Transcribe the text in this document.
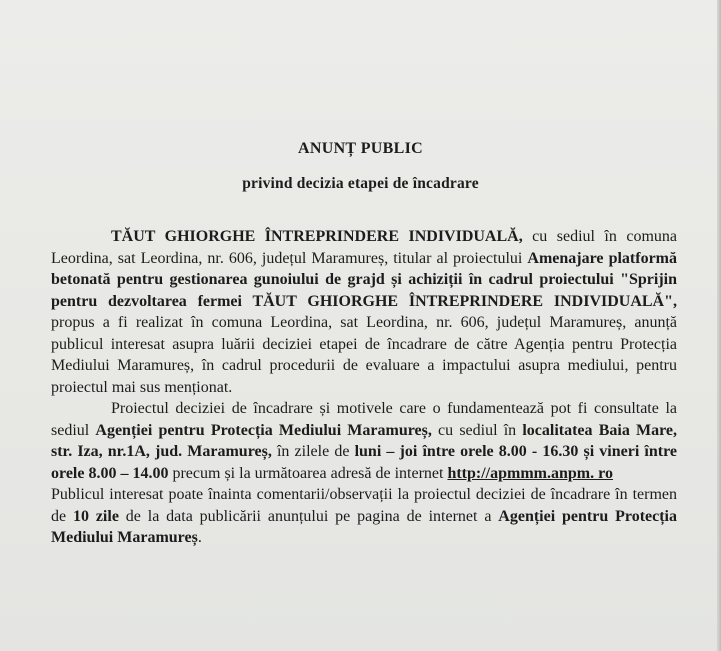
ANUNȚ PUBLIC
privind decizia etapei de încadrare

TĂUT GHIORGHE ÎNTREPRINDERE INDIVIDUALĂ, cu sediul în comuna Leordina, sat Leordina, nr. 606, județul Maramureș, titular al proiectului Amenajare platformă betonată pentru gestionarea gunoiului de grajd și achiziții în cadrul proiectului "Sprijin pentru dezvoltarea fermei TĂUT GHIORGHE ÎNTREPRINDERE INDIVIDUALĂ", propus a fi realizat în comuna Leordina, sat Leordina, nr. 606, județul Maramureș, anunță publicul interesat asupra luării deciziei etapei de încadrare de către Agenția pentru Protecția Mediului Maramureș, în cadrul procedurii de evaluare a impactului asupra mediului, pentru proiectul mai sus menționat.

Proiectul deciziei de încadrare și motivele care o fundamentează pot fi consultate la sediul Agenției pentru Protecția Mediului Maramureș, cu sediul în localitatea Baia Mare, str. Iza, nr.1A, jud. Maramureș, în zilele de luni – joi între orele 8.00 - 16.30 și vineri între orele 8.00 – 14.00 precum și la următoarea adresă de internet http://apmmm.anpm. ro

Publicul interesat poate înainta comentarii/observații la proiectul deciziei de încadrare în termen de 10 zile de la data publicării anunțului pe pagina de internet a Agenției pentru Protecția Mediului Maramureș.
